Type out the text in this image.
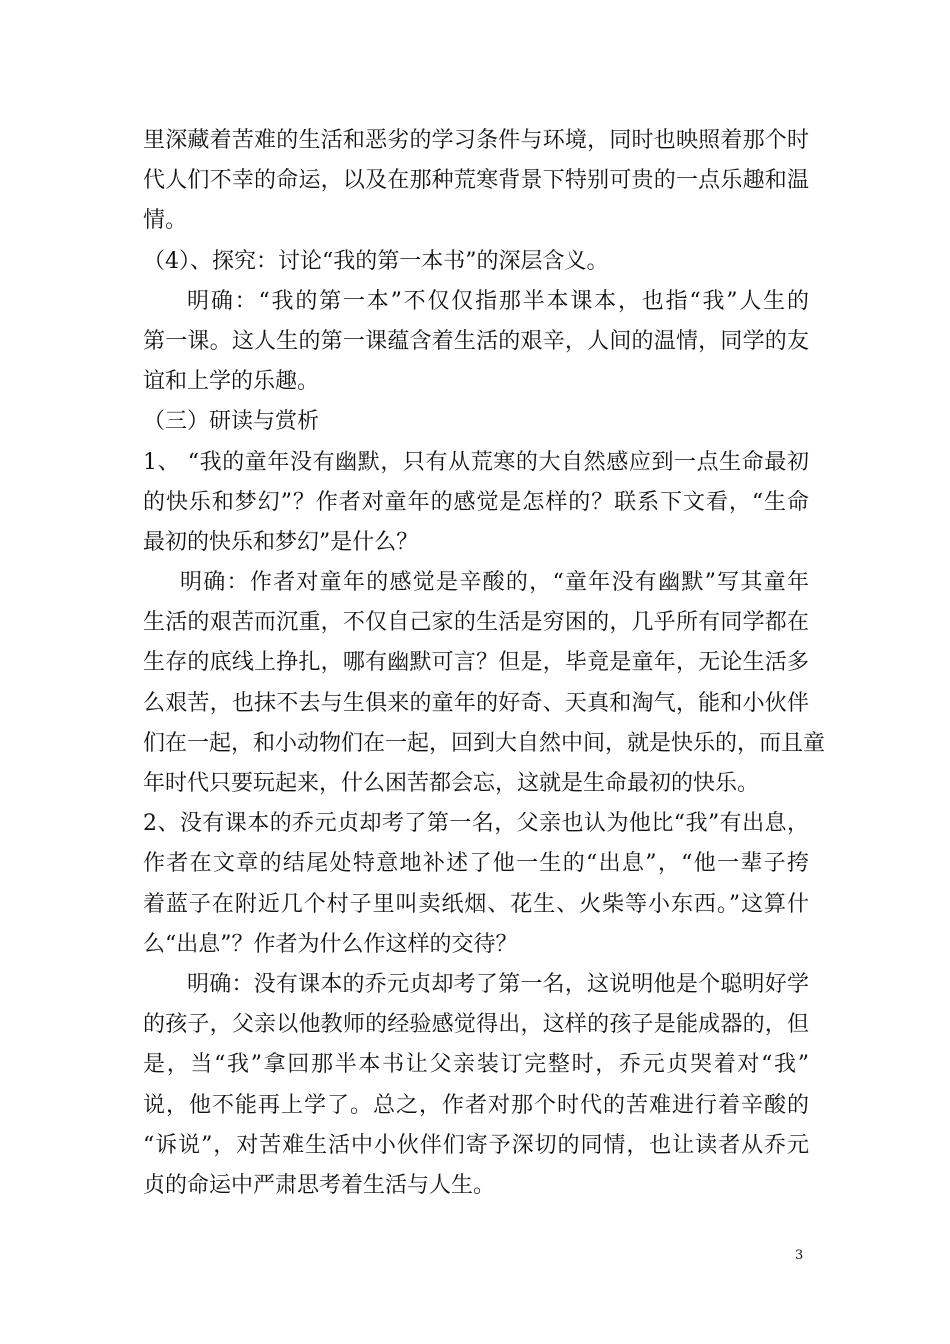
里深藏着苦难的生活和恶劣的学习条件与环境，同时也映照着那个时
代人们不幸的命运，以及在那种荒寒背景下特别可贵的一点乐趣和温
情。
（4）、探究：讨论“我的第一本书”的深层含义。
明确：“我的第一本”不仅仅指那半本课本，也指“我”人生的
第一课。这人生的第一课蕴含着生活的艰辛，人间的温情，同学的友
谊和上学的乐趣。
（三）研读与赏析
1、 “我的童年没有幽默，只有从荒寒的大自然感应到一点生命最初
的快乐和梦幻”？作者对童年的感觉是怎样的？联系下文看，“生命
最初的快乐和梦幻”是什么？
明确：作者对童年的感觉是辛酸的，“童年没有幽默”写其童年
生活的艰苦而沉重，不仅自己家的生活是穷困的，几乎所有同学都在
生存的底线上挣扎，哪有幽默可言？但是，毕竟是童年，无论生活多
么艰苦，也抹不去与生俱来的童年的好奇、天真和淘气，能和小伙伴
们在一起，和小动物们在一起，回到大自然中间，就是快乐的，而且童
年时代只要玩起来，什么困苦都会忘，这就是生命最初的快乐。
2、没有课本的乔元贞却考了第一名，父亲也认为他比“我”有出息，
作者在文章的结尾处特意地补述了他一生的“出息”，“他一辈子挎
着蓝子在附近几个村子里叫卖纸烟、花生、火柴等小东西。”这算什
么“出息”？作者为什么作这样的交待？
明确：没有课本的乔元贞却考了第一名，这说明他是个聪明好学
的孩子，父亲以他教师的经验感觉得出，这样的孩子是能成器的，但
是，当“我”拿回那半本书让父亲装订完整时，乔元贞哭着对“我”
说，他不能再上学了。总之，作者对那个时代的苦难进行着辛酸的
“诉说”，对苦难生活中小伙伴们寄予深切的同情，也让读者从乔元
贞的命运中严肃思考着生活与人生。
3
